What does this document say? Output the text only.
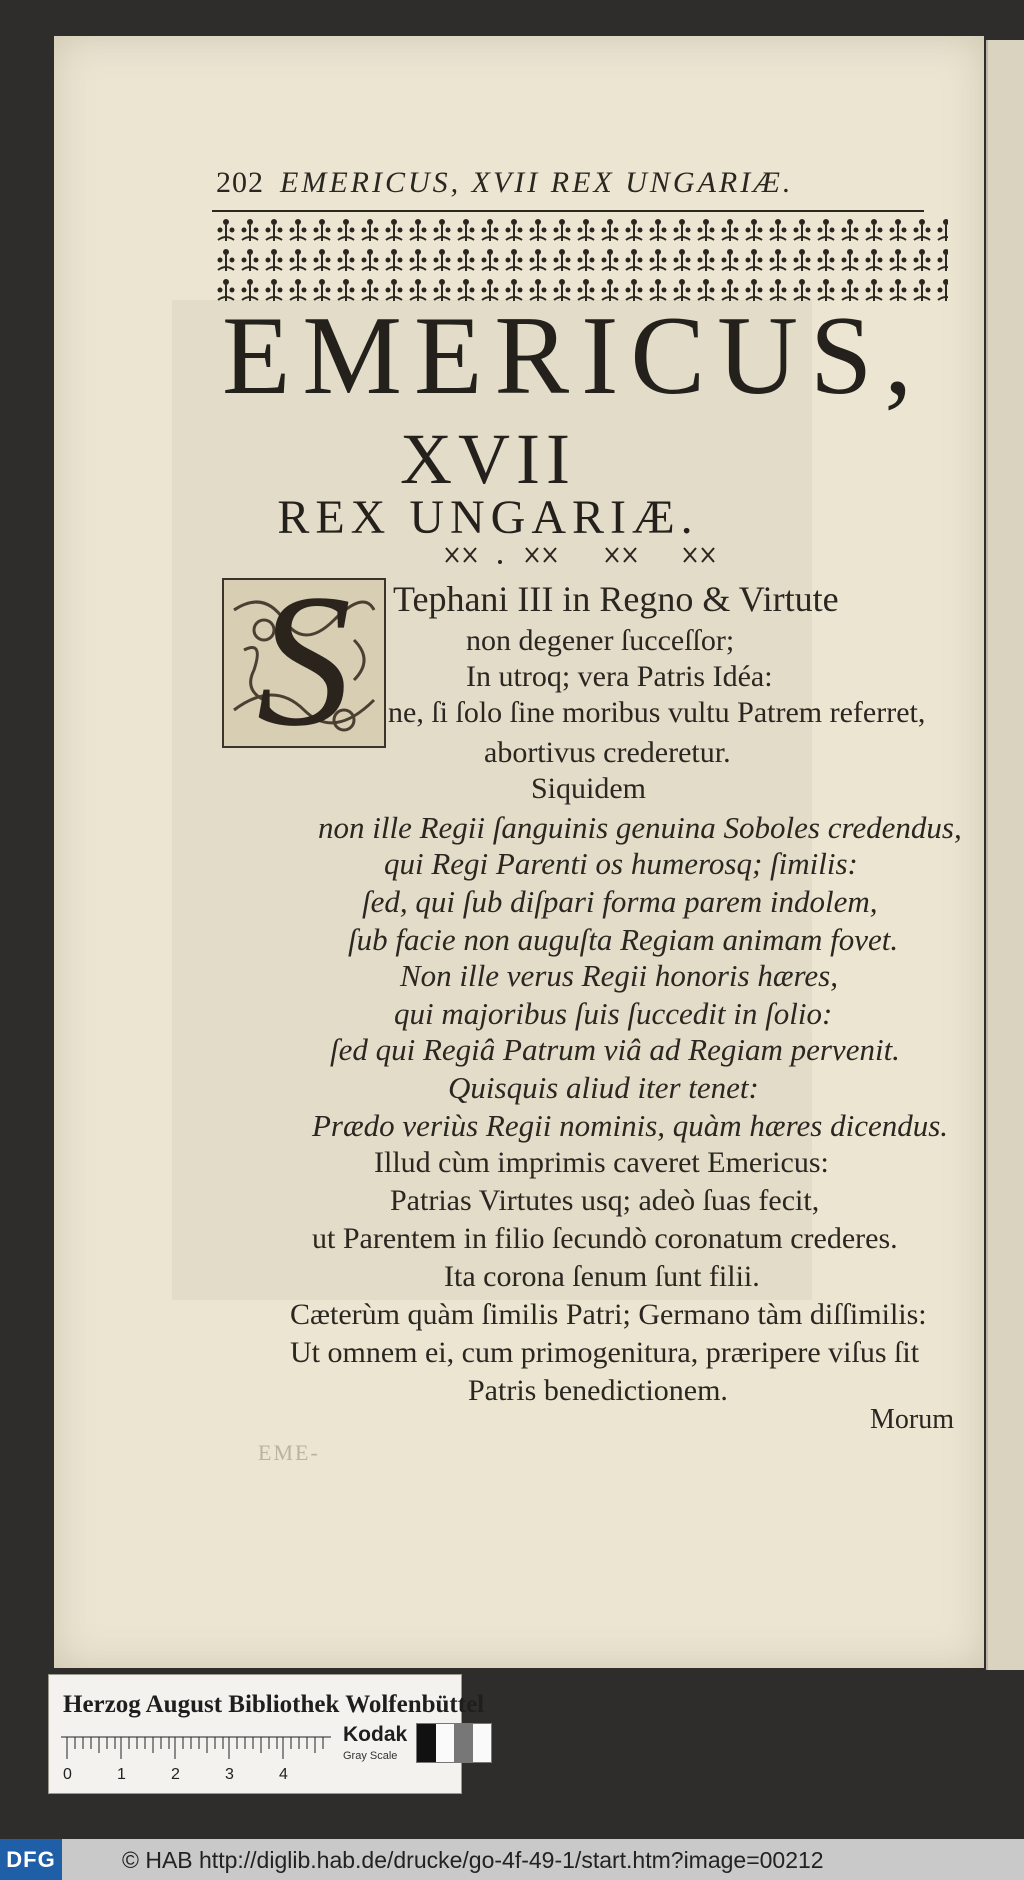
202 EMERICUS, XVII REX UNGARIÆ.
EMERICUS,
XVII
REX UNGARIÆ.
S	Tephani III in Regno & Virtute
non degener ſucceſſor;
In utroq; vera Patris Idéa:
ne, ſi ſolo ſine moribus vultu Patrem referret,
abortivus crederetur.
Siquidem
non ille Regii ſanguinis genuina Soboles credendus,
qui Regi Parenti os humerosq; ſimilis:
ſed, qui ſub diſpari forma parem indolem,
ſub facie non auguſta Regiam animam fovet.
Non ille verus Regii honoris hæres,
qui majoribus ſuis ſuccedit in ſolio:
ſed qui Regiâ Patrum viâ ad Regiam pervenit.
Quisquis aliud iter tenet:
Prædo veriùs Regii nominis, quàm hæres dicendus.
Illud cùm imprimis caveret Emericus:
Patrias Virtutes usq; adeò ſuas fecit,
ut Parentem in filio ſecundò coronatum crederes.
Ita corona ſenum ſunt filii.
Cæterùm quàm ſimilis Patri; Germano tàm diſſimilis:
Ut omnem ei, cum primogenitura, præripere viſus ſit
Patris benedictionem.
Morum
EME-
Herzog August Bibliothek Wolfenbüttel
0	1	2	3	4
Kodak
Gray Scale
DFG	© HAB http://diglib.hab.de/drucke/go-4f-49-1/start.htm?image=00212
